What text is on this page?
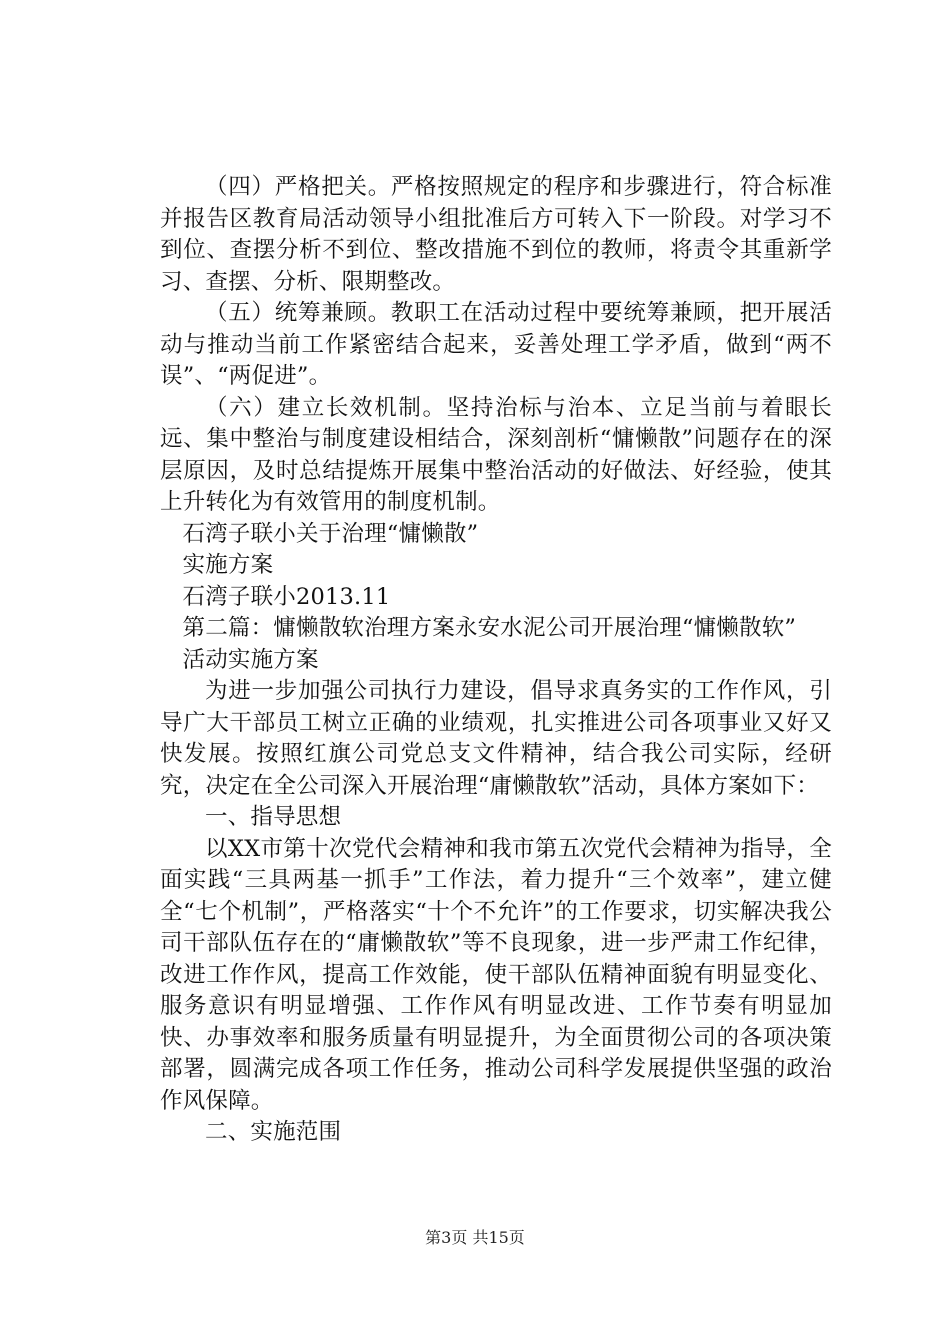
（四）严格把关。严格按照规定的程序和步骤进行，符合标准并报告区教育局活动领导小组批准后方可转入下一阶段。对学习不到位、查摆分析不到位、整改措施不到位的教师，将责令其重新学习、查摆、分析、限期整改。

（五）统筹兼顾。教职工在活动过程中要统筹兼顾，把开展活动与推动当前工作紧密结合起来，妥善处理工学矛盾，做到“两不误”、“两促进”。

（六）建立长效机制。坚持治标与治本、立足当前与着眼长远、集中整治与制度建设相结合，深刻剖析“慵懒散”问题存在的深层原因，及时总结提炼开展集中整治活动的好做法、好经验，使其上升转化为有效管用的制度机制。

石湾子联小关于治理“慵懒散”

实施方案

石湾子联小2013.11

第二篇：慵懒散软治理方案永安水泥公司开展治理“慵懒散软”

活动实施方案

为进一步加强公司执行力建设，倡导求真务实的工作作风，引导广大干部员工树立正确的业绩观，扎实推进公司各项事业又好又快发展。按照红旗公司党总支文件精神，结合我公司实际，经研究，决定在全公司深入开展治理“庸懒散软”活动，具体方案如下：

一、指导思想

以XX市第十次党代会精神和我市第五次党代会精神为指导，全面实践“三具两基一抓手”工作法，着力提升“三个效率”，建立健全“七个机制”，严格落实“十个不允许”的工作要求，切实解决我公司干部队伍存在的“庸懒散软”等不良现象，进一步严肃工作纪律，改进工作作风，提高工作效能，使干部队伍精神面貌有明显变化、服务意识有明显增强、工作作风有明显改进、工作节奏有明显加快、办事效率和服务质量有明显提升，为全面贯彻公司的各项决策部署，圆满完成各项工作任务，推动公司科学发展提供坚强的政治作风保障。

二、实施范围

第3页 共15页
